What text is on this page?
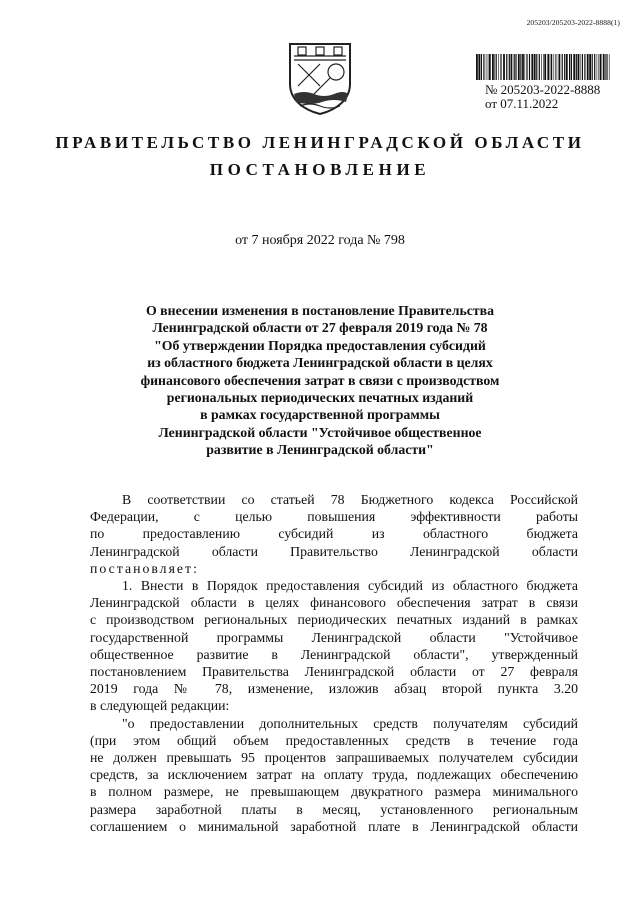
205203/205203-2022-8888(1)
№ 205203-2022-8888
от 07.11.2022
ПРАВИТЕЛЬСТВО ЛЕНИНГРАДСКОЙ ОБЛАСТИ
ПОСТАНОВЛЕНИЕ
от 7 ноября 2022 года № 798
О внесении изменения в постановление Правительства
Ленинградской области от 27 февраля 2019 года № 78
"Об утверждении Порядка предоставления субсидий
из областного бюджета Ленинградской области в целях
финансового обеспечения затрат в связи с производством
региональных периодических печатных изданий
в рамках государственной программы
Ленинградской области "Устойчивое общественное
развитие в Ленинградской области"
В соответствии со статьей 78 Бюджетного кодекса Российской
Федерации, с целью повышения эффективности работы
по предоставлению субсидий из областного бюджета
Ленинградской области Правительство Ленинградской области
постановляет:
1. Внести в Порядок предоставления субсидий из областного бюджета
Ленинградской области в целях финансового обеспечения затрат в связи
с производством региональных периодических печатных изданий в рамках
государственной программы Ленинградской области "Устойчивое
общественное развитие в Ленинградской области", утвержденный
постановлением Правительства Ленинградской области от 27 февраля
2019 года № 78, изменение, изложив абзац второй пункта 3.20
в следующей редакции:
"о предоставлении дополнительных средств получателям субсидий
(при этом общий объем предоставленных средств в течение года
не должен превышать 95 процентов запрашиваемых получателем субсидии
средств, за исключением затрат на оплату труда, подлежащих обеспечению
в полном размере, не превышающем двукратного размера минимального
размера заработной платы в месяц, установленного региональным
соглашением о минимальной заработной плате в Ленинградской области
